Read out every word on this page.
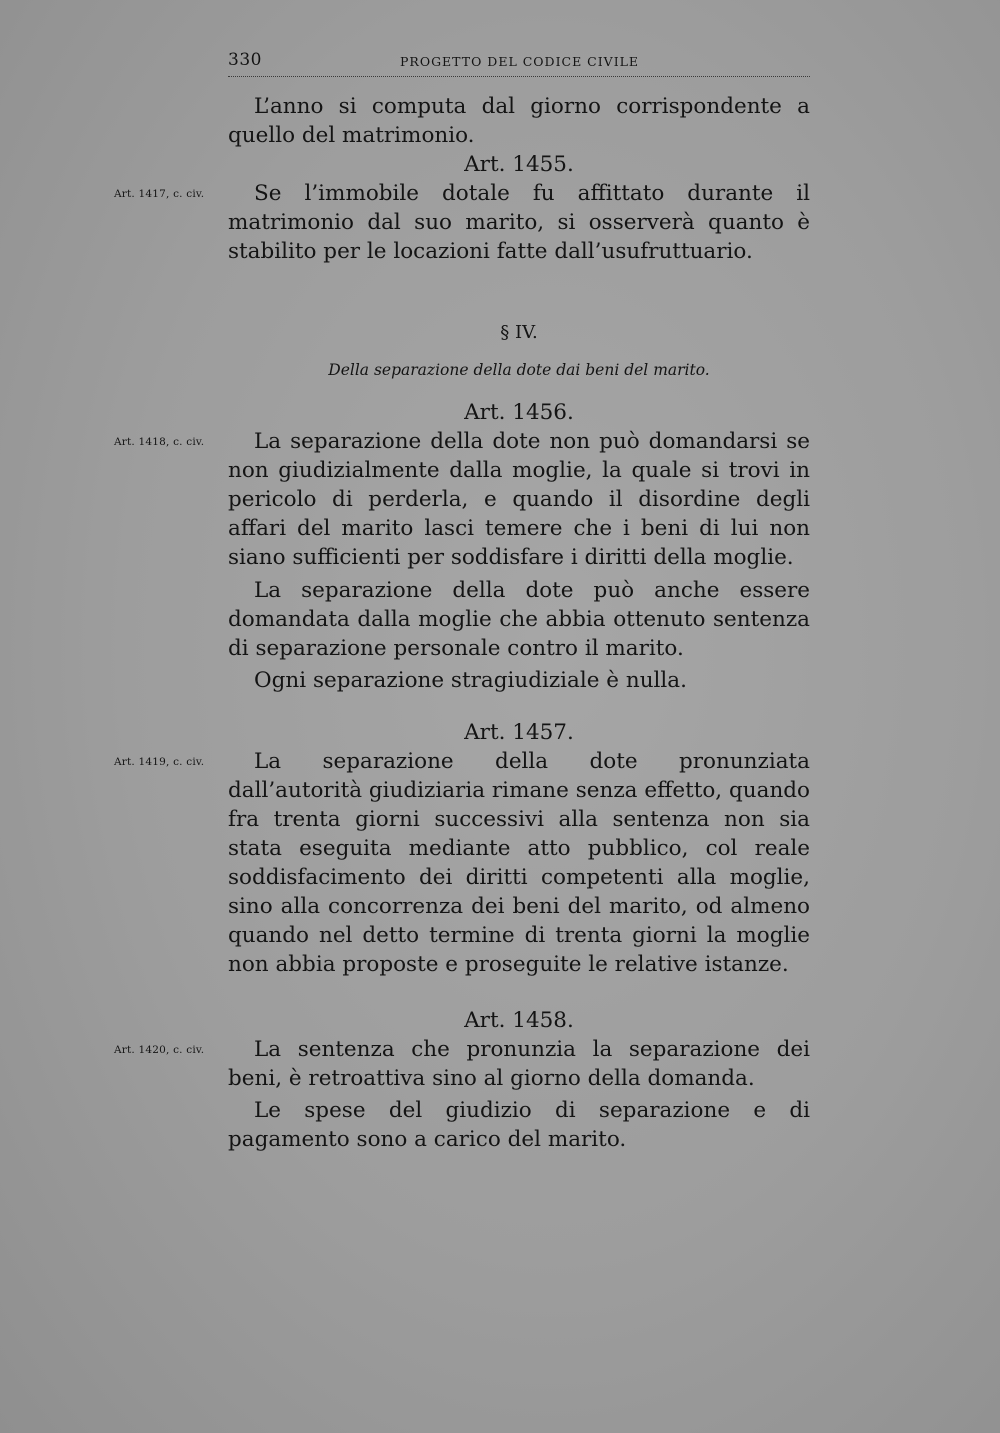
330	PROGETTO DEL CODICE CIVILE
L’anno si computa dal giorno corrispondente a quello del matrimonio.
Art. 1455.
Art. 1417, c. civ.	Se l’immobile dotale fu affittato durante il matrimonio dal suo marito, si osserverà quanto è stabilito per le locazioni fatte dall’usufruttuario.
§ IV.
Della separazione della dote dai beni del marito.
Art. 1456.
Art. 1418, c. civ.	La separazione della dote non può domandarsi se non giudizialmente dalla moglie, la quale si trovi in pericolo di perderla, e quando il disordine degli affari del marito lasci temere che i beni di lui non siano sufficienti per soddisfare i diritti della moglie.
La separazione della dote può anche essere domandata dalla moglie che abbia ottenuto sentenza di separazione personale contro il marito.
Ogni separazione stragiudiziale è nulla.
Art. 1457.
Art. 1419, c. civ.	La separazione della dote pronunziata dall’autorità giudiziaria rimane senza effetto, quando fra trenta giorni successivi alla sentenza non sia stata eseguita mediante atto pubblico, col reale soddisfacimento dei diritti competenti alla moglie, sino alla concorrenza dei beni del marito, od almeno quando nel detto termine di trenta giorni la moglie non abbia proposte e proseguite le relative istanze.
Art. 1458.
Art. 1420, c. civ.	La sentenza che pronunzia la separazione dei beni, è retroattiva sino al giorno della domanda.
Le spese del giudizio di separazione e di pagamento sono a carico del marito.
